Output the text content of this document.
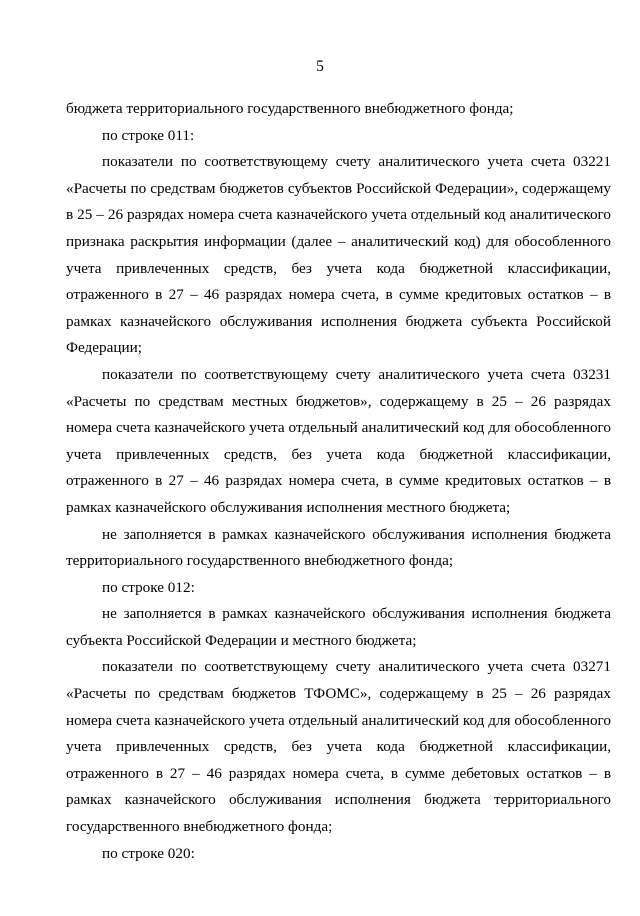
5

бюджета территориального государственного внебюджетного фонда;

по строке 011:

показатели по соответствующему счету аналитического учета счета 03221 «Расчеты по средствам бюджетов субъектов Российской Федерации», содержащему в 25 – 26 разрядах номера счета казначейского учета отдельный код аналитического признака раскрытия информации (далее – аналитический код) для обособленного учета привлеченных средств, без учета кода бюджетной классификации, отраженного в 27 – 46 разрядах номера счета, в сумме кредитовых остатков – в рамках казначейского обслуживания исполнения бюджета субъекта Российской Федерации;

показатели по соответствующему счету аналитического учета счета 03231 «Расчеты по средствам местных бюджетов», содержащему в 25 – 26 разрядах номера счета казначейского учета отдельный аналитический код для обособленного учета привлеченных средств, без учета кода бюджетной классификации, отраженного в 27 – 46 разрядах номера счета, в сумме кредитовых остатков – в рамках казначейского обслуживания исполнения местного бюджета;

не заполняется в рамках казначейского обслуживания исполнения бюджета территориального государственного внебюджетного фонда;

по строке 012:

не заполняется в рамках казначейского обслуживания исполнения бюджета субъекта Российской Федерации и местного бюджета;

показатели по соответствующему счету аналитического учета счета 03271 «Расчеты по средствам бюджетов ТФОМС», содержащему в 25 – 26 разрядах номера счета казначейского учета отдельный аналитический код для обособленного учета привлеченных средств, без учета кода бюджетной классификации, отраженного в 27 – 46 разрядах номера счета, в сумме дебетовых остатков – в рамках казначейского обслуживания исполнения бюджета территориального государственного внебюджетного фонда;

по строке 020:
